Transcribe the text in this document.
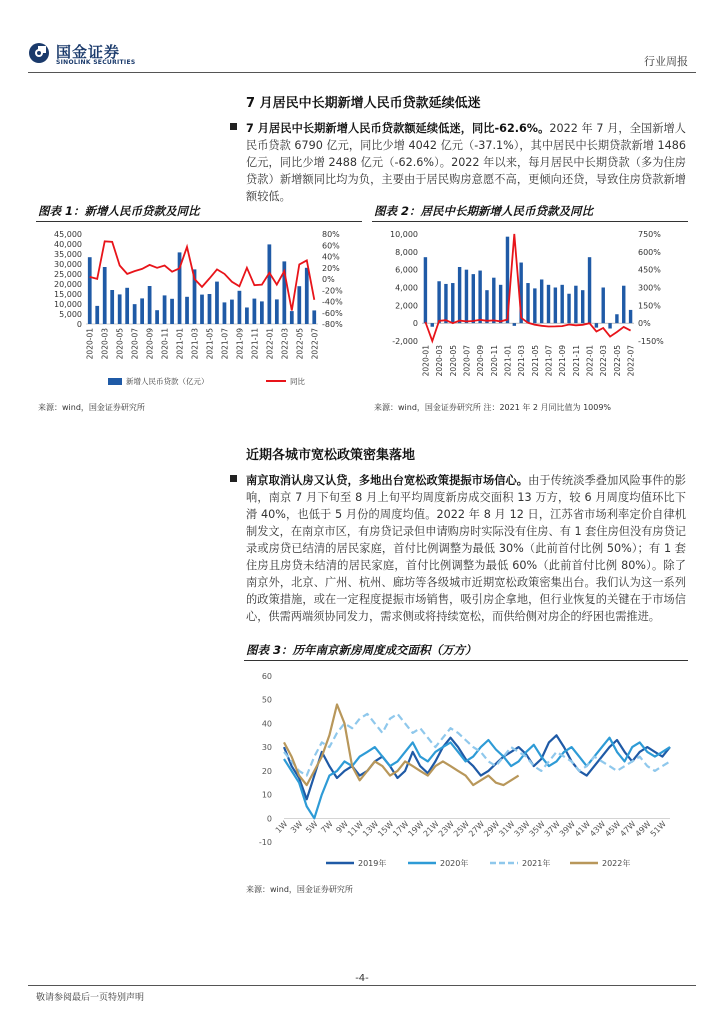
国金证券
SINOLINK SECURITIES	行业周报
7 月居民中长期新增人民币贷款延续低迷
7 月居民中长期新增人民币贷款额延续低迷，同比-62.6%。2022 年 7 月，全国新增人民币贷款 6790 亿元，同比少增 4042 亿元（-37.1%），其中居民中长期贷款新增 1486 亿元，同比少增 2488 亿元（-62.6%）。2022 年以来，每月居民中长期贷款（多为住房贷款）新增额同比均为负，主要由于居民购房意愿不高，更倾向还贷，导致住房贷款新增额较低。
图表 1：新增人民币贷款及同比
45,000
40,000
35,000
30,000
25,000
20,000
15,000
10,000
5,000
0
80%
60%
40%
20%
0%
-20%
-40%
-60%
-80%
2020-01 2020-03 2020-05 2020-07 2020-09 2020-11 2021-01 2021-03 2021-05 2021-07 2021-09 2021-11 2022-01 2022-03 2022-05 2022-07
新增人民币贷款（亿元）	同比
来源：wind，国金证券研究所
图表 2：居民中长期新增人民币贷款及同比
10,000
8,000
6,000
4,000
2,000
0
-2,000
750%
600%
450%
300%
150%
0%
-150%
2020-01 2020-03 2020-05 2020-07 2020-09 2020-11 2021-01 2021-03 2021-05 2021-07 2021-09 2021-11 2022-01 2022-03 2022-05 2022-07
来源：wind，国金证券研究所 注：2021 年 2 月同比值为 1009%
近期各城市宽松政策密集落地
南京取消认房又认贷，多地出台宽松政策提振市场信心。由于传统淡季叠加风险事件的影响，南京 7 月下旬至 8 月上旬平均周度新房成交面积 13 万方，较 6 月周度均值环比下滑 40%，也低于 5 月份的周度均值。2022 年 8 月 12 日，江苏省市场利率定价自律机制发文，在南京市区，有房贷记录但申请购房时实际没有住房、有 1 套住房但没有房贷记录或房贷已结清的居民家庭，首付比例调整为最低 30%（此前首付比例 50%）；有 1 套住房且房贷未结清的居民家庭，首付比例调整为最低 60%（此前首付比例 80%）。除了南京外，北京、广州、杭州、廊坊等各级城市近期宽松政策密集出台。我们认为这一系列的政策措施，或在一定程度提振市场销售，吸引房企拿地，但行业恢复的关键在于市场信心，供需两端须协同发力，需求侧或将持续宽松，而供给侧对房企的纾困也需推进。
图表 3：历年南京新房周度成交面积（万方）
60
50
40
30
20
10
0
-10
1W 3W 5W 7W 9W
11W
13W
15W
17W
19W
21W
23W
25W
27W
29W
31W
33W
35W
37W
39W
41W
43W
45W
47W
49W
51W
2019年	2020年	2021年	2022年
来源：wind，国金证券研究所
-4-
敬请参阅最后一页特别声明
